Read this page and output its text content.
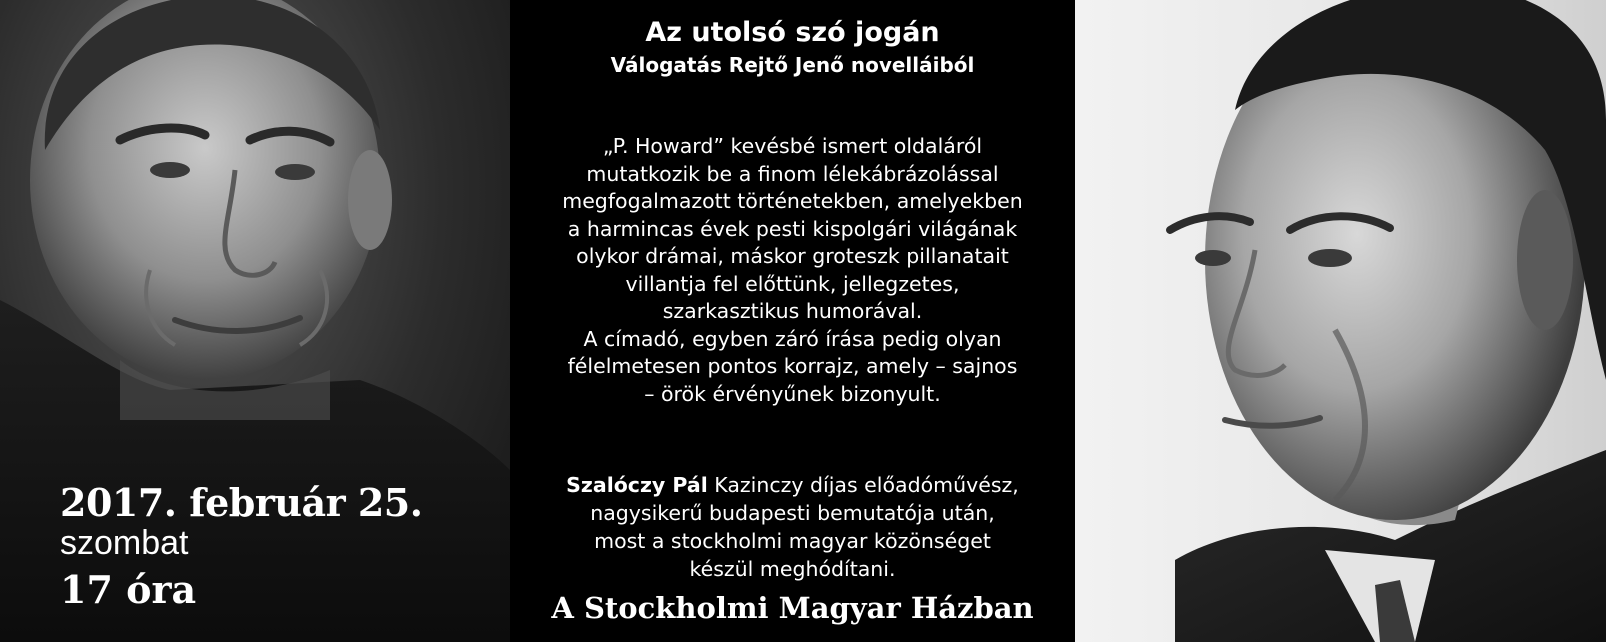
2017. február 25.
szombat
17 óra
Az utolsó szó jogán
Válogatás Rejtő Jenő novelláiból
„P. Howard” kevésbé ismert oldaláról
mutatkozik be a finom lélekábrázolással
megfogalmazott történetekben, amelyekben
a harmincas évek pesti kispolgári világának
olykor drámai, máskor groteszk pillanatait
villantja fel előttünk, jellegzetes,
szarkasztikus humorával.
A címadó, egyben záró írása pedig olyan
félelmetesen pontos korrajz, amely – sajnos
– örök érvényűnek bizonyult.
Szalóczy Pál Kazinczy díjas előadóművész,
nagysikerű budapesti bemutatója után,
most a stockholmi magyar közönséget
készül meghódítani.
A Stockholmi Magyar Házban
